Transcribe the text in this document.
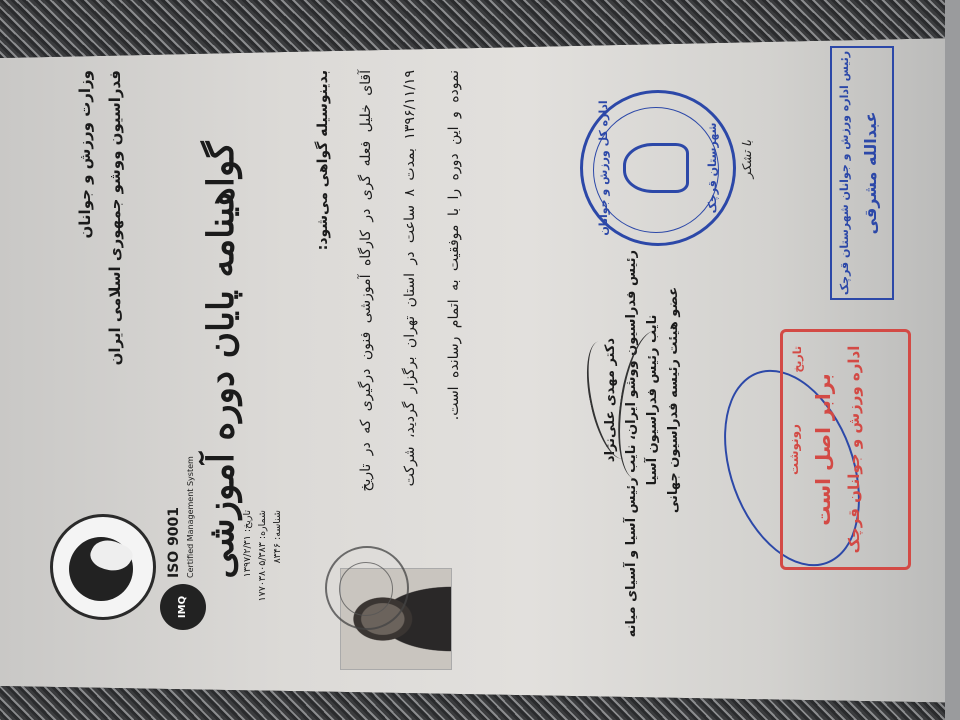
وزارت ورزش و جوانان فدراسیون ووشو جمهوری اسلامی ایران
IMQ
ISO 9001 Certified Management System	تاریخ: ۱۳۹۷/۲/۳۱
شماره: ۱۷۷۰۳۸۰۵/۳۸۳
شناسه: ۸۳۴۶
گواهینامه پایان دوره آموزشی	بدینوسیله گواهی می‌شود: آقای خلیل فعله گری در کارگاه آموزشی فنون درگیری که در تاریخ ۱۳۹۶/۱۱/۱۹ بمدت ۸ ساعت در استان تهران برگزار گردید، شرکت نموده و این دوره را با موفقیت به اتمام رسانده است.	دکتر مهدی علی‌نژاد رئیس فدراسیون ووشو ایران، نایب رئیس آسیا و آسیای میانه نایب رئیس فدراسیون آسیا عضو هیئت رئیسه فدراسیون جهانی
اداره کل ورزش و جوانان	شهرستان قرچک با تشکر	رئیس اداره ورزش و جوانان شهرستان قرچک عبدالله مشرقی
تاریخ
رونوشت برابر اصل است اداره ورزش و جوانان قرچک
